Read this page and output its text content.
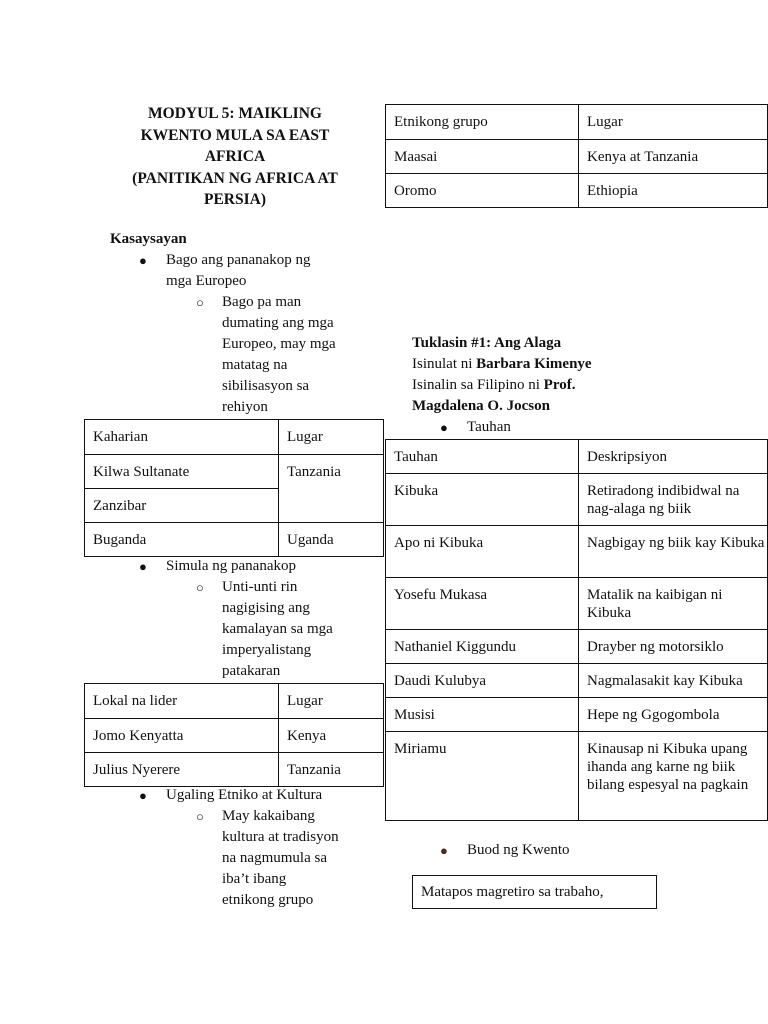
MODYUL 5: MAIKLING
KWENTO MULA SA EAST
AFRICA
(PANITIKAN NG AFRICA AT
PERSIA)
Etnikong grupo	Lugar
Maasai	Kenya at Tanzania
Oromo	Ethiopia
Kasaysayan
● Bago ang pananakop ng
mga Europeo
○ Bago pa man
dumating ang mga
Europeo, may mga
matatag na
sibilisasyon sa
rehiyon
Kaharian	Lugar
Kilwa Sultanate	Tanzania
Zanzibar	
Buganda	Uganda
● Simula ng pananakop
○ Unti-unti rin
nagigising ang
kamalayan sa mga
imperyalistang
patakaran
Lokal na lider	Lugar
Jomo Kenyatta	Kenya
Julius Nyerere	Tanzania
● Ugaling Etniko at Kultura
○ May kakaibang
kultura at tradisyon
na nagmumula sa
iba’t ibang
etnikong grupo
Tuklasin #1: Ang Alaga
Isinulat ni Barbara Kimenye
Isinalin sa Filipino ni Prof.
Magdalena O. Jocson
● Tauhan
Tauhan	Deskripsiyon
Kibuka	Retiradong indibidwal na nag-alaga ng biik
Apo ni Kibuka	Nagbigay ng biik kay Kibuka
Yosefu Mukasa	Matalik na kaibigan ni Kibuka
Nathaniel Kiggundu	Drayber ng motorsiklo
Daudi Kulubya	Nagmalasakit kay Kibuka
Musisi	Hepe ng Ggogombola
Miriamu	Kinausap ni Kibuka upang ihanda ang karne ng biik bilang espesyal na pagkain
● Buod ng Kwento
Matapos magretiro sa trabaho,
